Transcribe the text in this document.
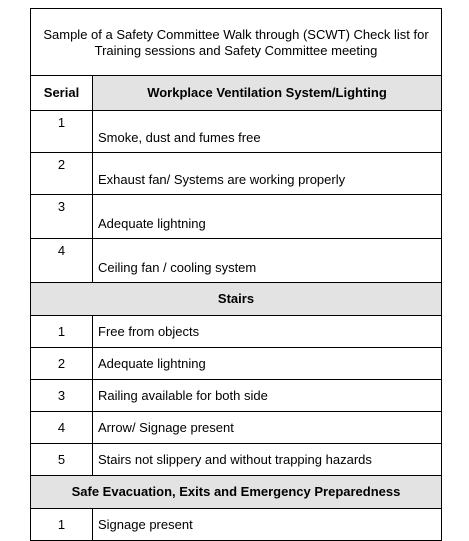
Sample of a Safety Committee Walk through (SCWT) Check list for Training sessions and Safety Committee meeting	
Serial	Workplace Ventilation System/Lighting
1	Smoke, dust and fumes free
2	Exhaust fan/ Systems are working properly
3	Adequate lightning
4	Ceiling fan / cooling system
Stairs	
1	Free from objects
2	Adequate lightning
3	Railing available for both side
4	Arrow/ Signage present
5	Stairs not slippery and without trapping hazards
Safe Evacuation, Exits and Emergency Preparedness	
1	Signage present
